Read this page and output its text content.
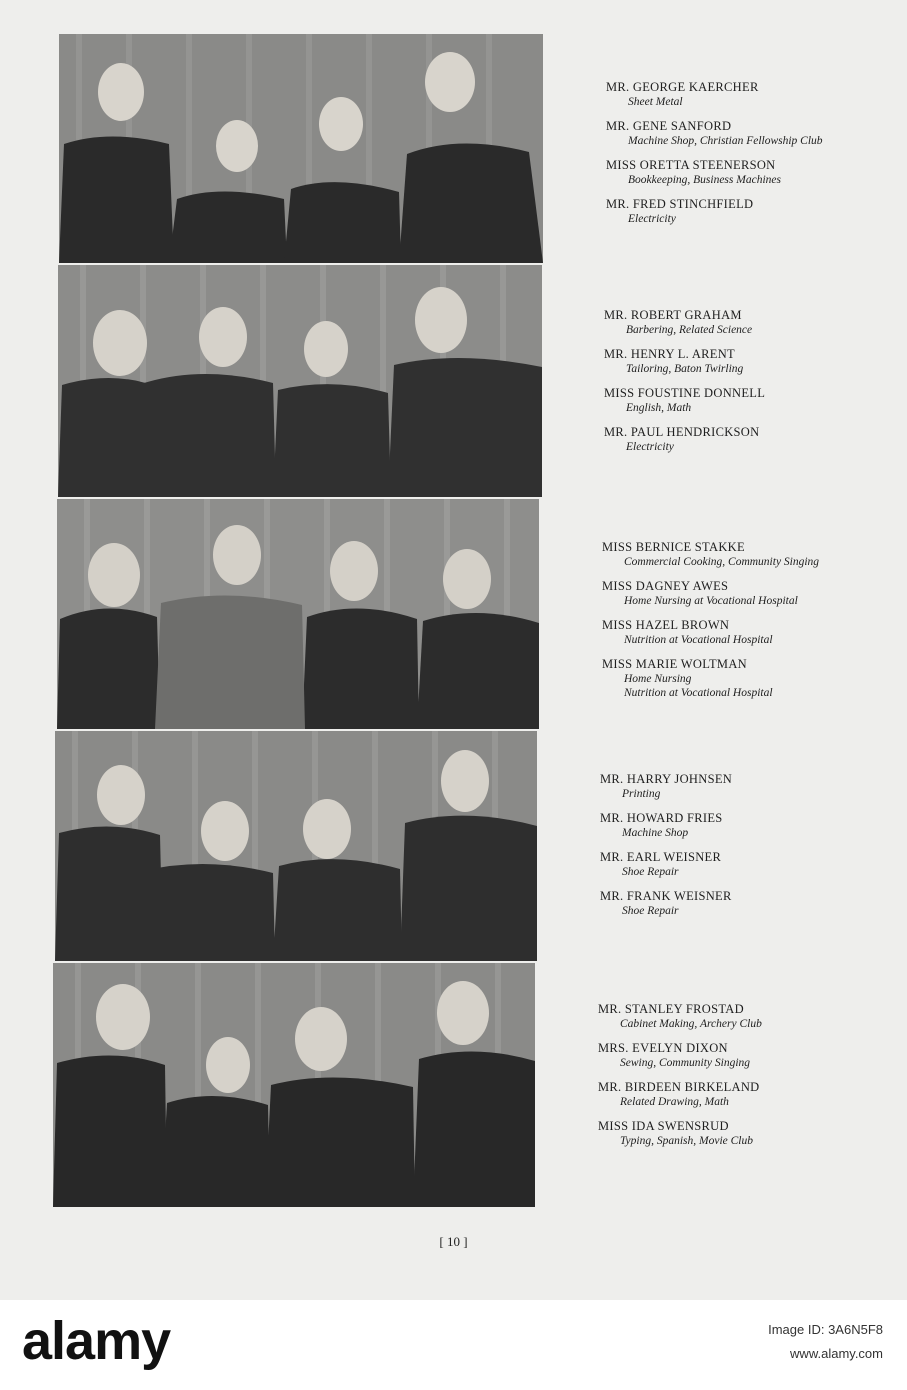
MR. GEORGE KAERCHER
Sheet Metal
MR. GENE SANFORD
Machine Shop, Christian Fellowship Club
MISS ORETTA STEENERSON
Bookkeeping, Business Machines
MR. FRED STINCHFIELD
Electricity
MR. ROBERT GRAHAM
Barbering, Related Science
MR. HENRY L. ARENT
Tailoring, Baton Twirling
MISS FOUSTINE DONNELL
English, Math
MR. PAUL HENDRICKSON
Electricity
MISS BERNICE STAKKE
Commercial Cooking, Community Singing
MISS DAGNEY AWES
Home Nursing at Vocational Hospital
MISS HAZEL BROWN
Nutrition at Vocational Hospital
MISS MARIE WOLTMAN
Home Nursing
Nutrition at Vocational Hospital
MR. HARRY JOHNSEN
Printing
MR. HOWARD FRIES
Machine Shop
MR. EARL WEISNER
Shoe Repair
MR. FRANK WEISNER
Shoe Repair
MR. STANLEY FROSTAD
Cabinet Making, Archery Club
MRS. EVELYN DIXON
Sewing, Community Singing
MR. BIRDEEN BIRKELAND
Related Drawing, Math
MISS IDA SWENSRUD
Typing, Spanish, Movie Club
[ 10 ]
alamy	Image ID: 3A6N5F8
www.alamy.com
